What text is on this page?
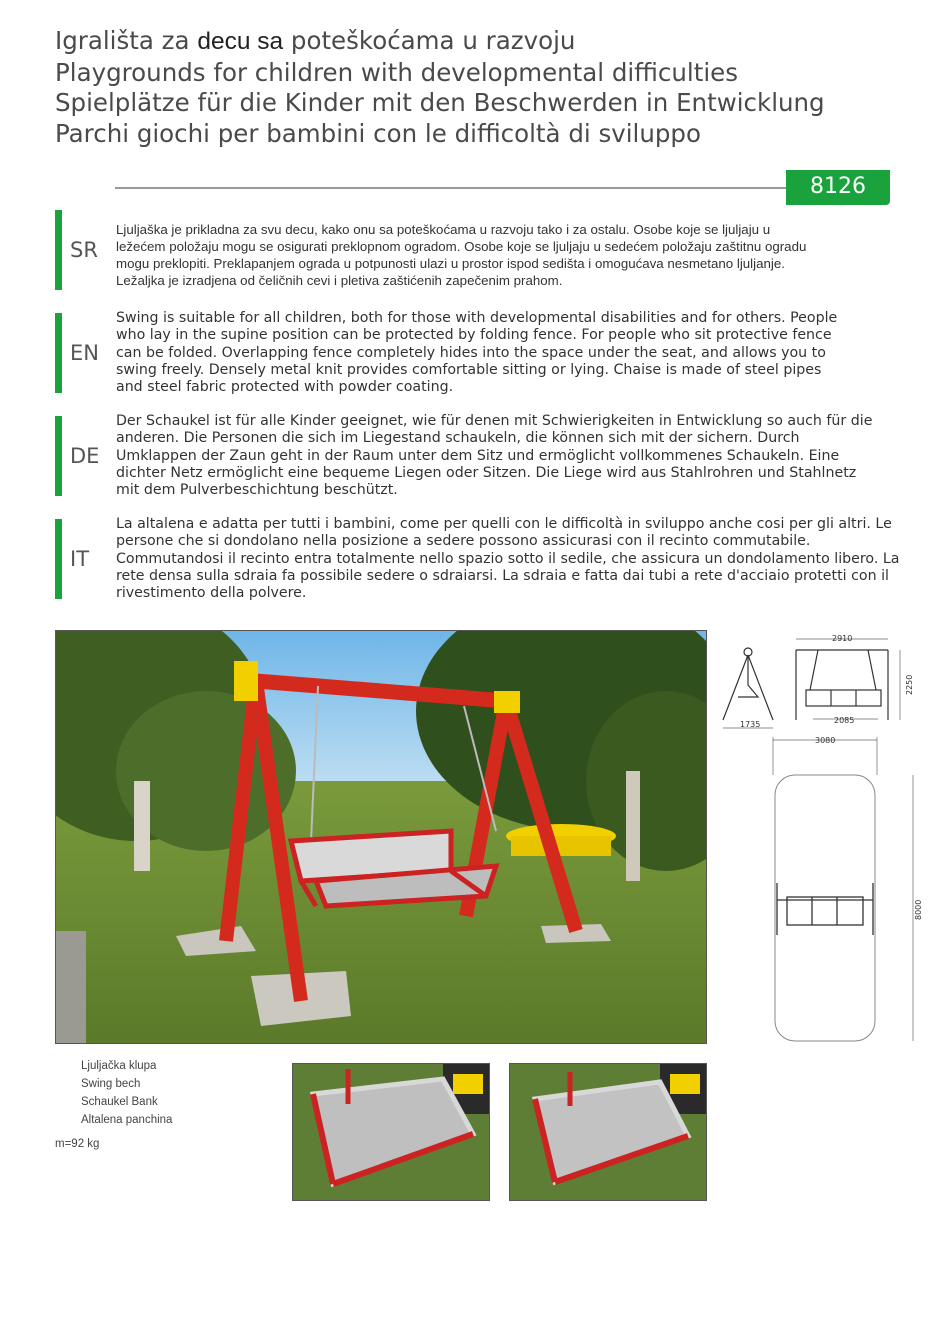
Igrališta za decu sa poteškoćama u razvoju
Playgrounds for children with developmental difficulties
Spielplätze für die Kinder mit den Beschwerden in Entwicklung
Parchi giochi per bambini con le difficoltà di sviluppo
8126
SR
Ljuljaška je prikladna za svu decu, kako onu sa poteškoćama u razvoju tako i za ostalu. Osobe koje se ljuljaju u
ležećem položaju mogu se osigurati preklopnom ogradom. Osobe koje se ljuljaju u sedećem položaju zaštitnu ogradu
mogu preklopiti. Preklapanjem ograda u potpunosti ulazi u prostor ispod sedišta i omogućava nesmetano ljuljanje.
Ležaljka je izradjena od čeličnih cevi i pletiva zaštićenih zapečenim prahom.
EN
Swing is suitable for all children, both for those with developmental disabilities and for others. People
who lay in the supine position can be protected by folding fence. For people who sit protective fence
can be folded. Overlapping fence completely hides into the space under the seat, and allows you to
swing freely. Densely metal knit provides comfortable sitting or lying. Chaise is made of steel pipes
and steel fabric protected with powder coating.
DE
Der Schaukel ist für alle Kinder geeignet, wie für denen mit Schwierigkeiten in Entwicklung so auch für die
anderen. Die Personen die sich im Liegestand schaukeln, die können sich mit der sichern. Durch
Umklappen der Zaun geht in der Raum unter dem Sitz und ermöglicht vollkommenes Schaukeln. Eine
dichter Netz ermöglicht eine bequeme Liegen oder Sitzen. Die Liege wird aus Stahlrohren und Stahlnetz
mit dem Pulverbeschichtung beschützt.
IT
La altalena e adatta per tutti i bambini, come per quelli con le difficoltà in sviluppo anche cosi per gli altri. Le
persone che si dondolano nella posizione a sedere possono assicurasi con il recinto commutabile.
Commutandosi il recinto entra totalmente nello spazio sotto il sedile, che assicura un dondolamento libero. La
rete densa sulla sdraia fa possibile sedere o sdraiarsi. La sdraia e fatta dai tubi a rete d'acciaio protetti con il
rivestimento della polvere.
2910
2250
1735	2085
3080
8000
Ljuljačka klupa
Swing bech
Schaukel Bank
Altalena panchina
m=92 kg
